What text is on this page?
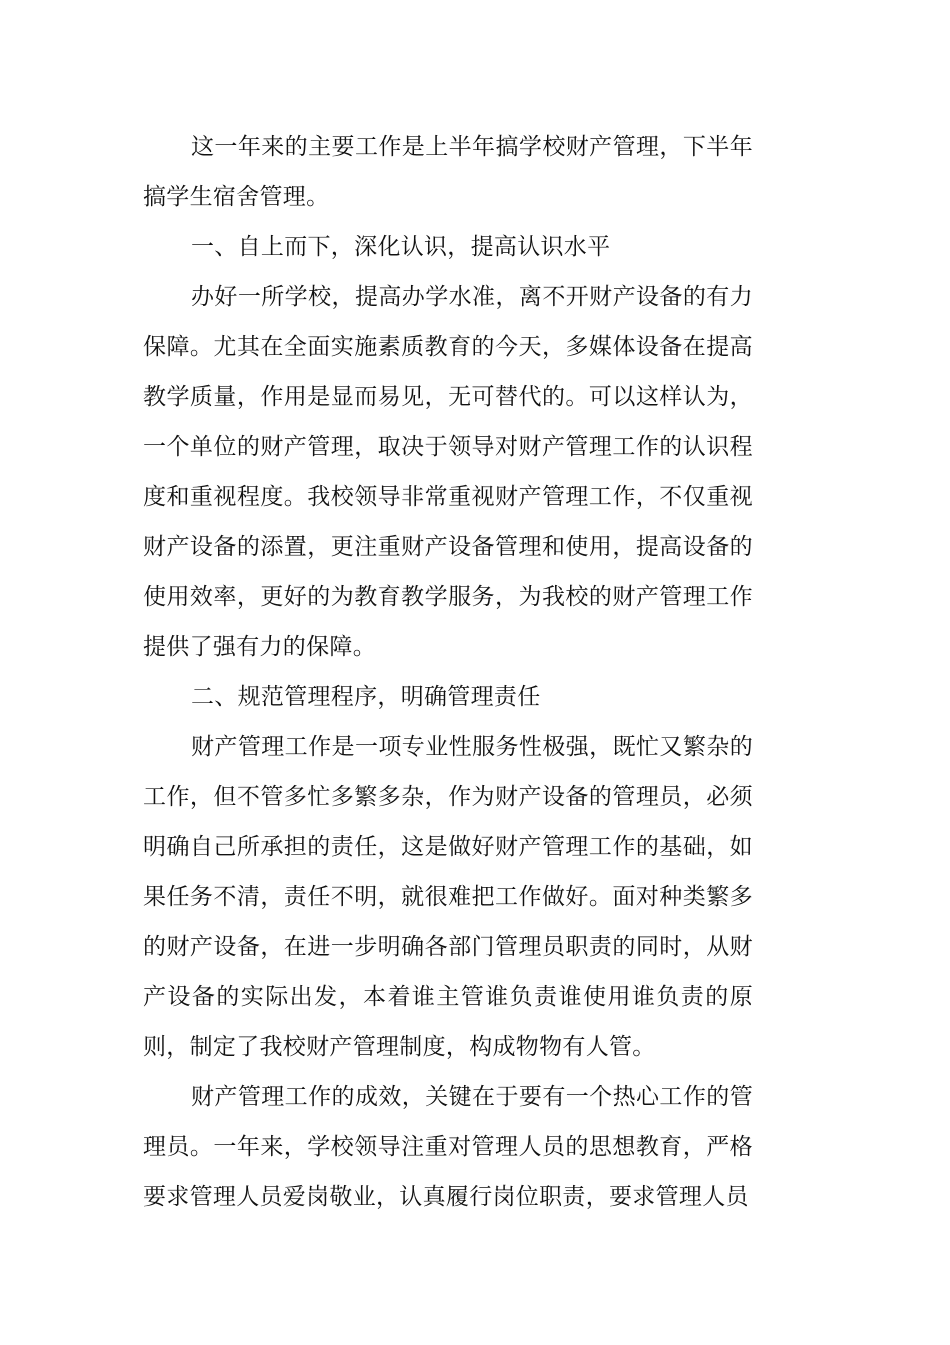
这一年来的主要工作是上半年搞学校财产管理，下半年搞学生宿舍管理。

一、自上而下，深化认识，提高认识水平

办好一所学校，提高办学水准，离不开财产设备的有力保障。尤其在全面实施素质教育的今天，多媒体设备在提高教学质量，作用是显而易见，无可替代的。可以这样认为，一个单位的财产管理，取决于领导对财产管理工作的认识程度和重视程度。我校领导非常重视财产管理工作，不仅重视财产设备的添置，更注重财产设备管理和使用，提高设备的使用效率，更好的为教育教学服务，为我校的财产管理工作提供了强有力的保障。

二、规范管理程序，明确管理责任

财产管理工作是一项专业性服务性极强，既忙又繁杂的工作，但不管多忙多繁多杂，作为财产设备的管理员，必须明确自己所承担的责任，这是做好财产管理工作的基础，如果任务不清，责任不明，就很难把工作做好。面对种类繁多的财产设备，在进一步明确各部门管理员职责的同时，从财产设备的实际出发，本着谁主管谁负责谁使用谁负责的原则，制定了我校财产管理制度，构成物物有人管。

财产管理工作的成效，关键在于要有一个热心工作的管理员。一年来，学校领导注重对管理人员的思想教育，严格要求管理人员爱岗敬业，认真履行岗位职责，要求管理人员
